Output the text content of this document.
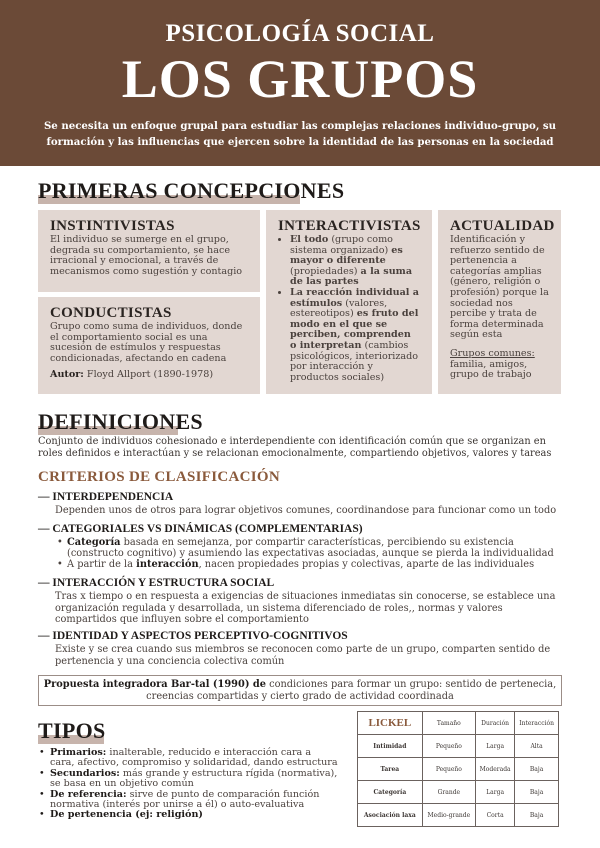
PSICOLOGÍA SOCIAL
LOS GRUPOS
Se necesita un enfoque grupal para estudiar las complejas relaciones individuo-grupo, su formación y las influencias que ejercen sobre la identidad de las personas en la sociedad
PRIMERAS CONCEPCIONES
INSTINTIVISTAS
El individuo se sumerge en el grupo, degrada su comportamiento, se hace irracional y emocional, a través de mecanismos como sugestión y contagio
CONDUCTISTAS
Grupo como suma de individuos, donde el comportamiento social es una sucesión de estímulos y respuestas condicionadas, afectando en cadena
Autor: Floyd Allport (1890-1978)
INTERACTIVISTAS
• El todo (grupo como sistema organizado) es mayor o diferente (propiedades) a la suma de las partes
• La reacción individual a estímulos (valores, estereotipos) es fruto del modo en el que se perciben, comprenden o interpretan (cambios psicológicos, interiorizado por interacción y productos sociales)
ACTUALIDAD
Identificación y refuerzo sentido de pertenencia a categorías amplias (género, religión o profesión) porque la sociedad nos percibe y trata de forma determinada según esta
Grupos comunes: familia, amigos, grupo de trabajo
DEFINICIONES
Conjunto de individuos cohesionado e interdependiente con identificación común que se organizan en roles definidos e interactúan y se relacionan emocionalmente, compartiendo objetivos, valores y tareas
CRITERIOS DE CLASIFICACIÓN
— INTERDEPENDENCIA
Dependen unos de otros para lograr objetivos comunes, coordinandose para funcionar como un todo
— CATEGORIALES VS DINÁMICAS (COMPLEMENTARIAS)
• Categoría basada en semejanza, por compartir características, percibiendo su existencia (constructo cognitivo) y asumiendo las expectativas asociadas, aunque se pierda la individualidad
• A partir de la interacción, nacen propiedades propias y colectivas, aparte de las individuales
— INTERACCIÓN Y ESTRUCTURA SOCIAL
Tras x tiempo o en respuesta a exigencias de situaciones inmediatas sin conocerse, se establece una organización regulada y desarrollada, un sistema diferenciado de roles,, normas y valores compartidos que influyen sobre el comportamiento
— IDENTIDAD Y ASPECTOS PERCEPTIVO-COGNITIVOS
Existe y se crea cuando sus miembros se reconocen como parte de un grupo, comparten sentido de pertenencia y una conciencia colectiva común
Propuesta integradora Bar-tal (1990) de condiciones para formar un grupo: sentido de pertenecia, creencias compartidas y cierto grado de actividad coordinada
TIPOS
• Primarios: inalterable, reducido e interacción cara a cara, afectivo, compromiso y solidaridad, dando estructura
• Secundarios: más grande y estructura rígida (normativa), se basa en un objetivo común
• De referencia: sirve de punto de comparación función normativa (interés por unirse a él) o auto-evaluativa
• De pertenencia (ej: religión)
LICKEL	Tamaño	Duración	Interacción
Intimidad	Pequeño	Larga	Alta
Tarea	Pequeño	Moderada	Baja
Categoría	Grande	Larga	Baja
Asociación laxa	Medio-grande	Corta	Baja
